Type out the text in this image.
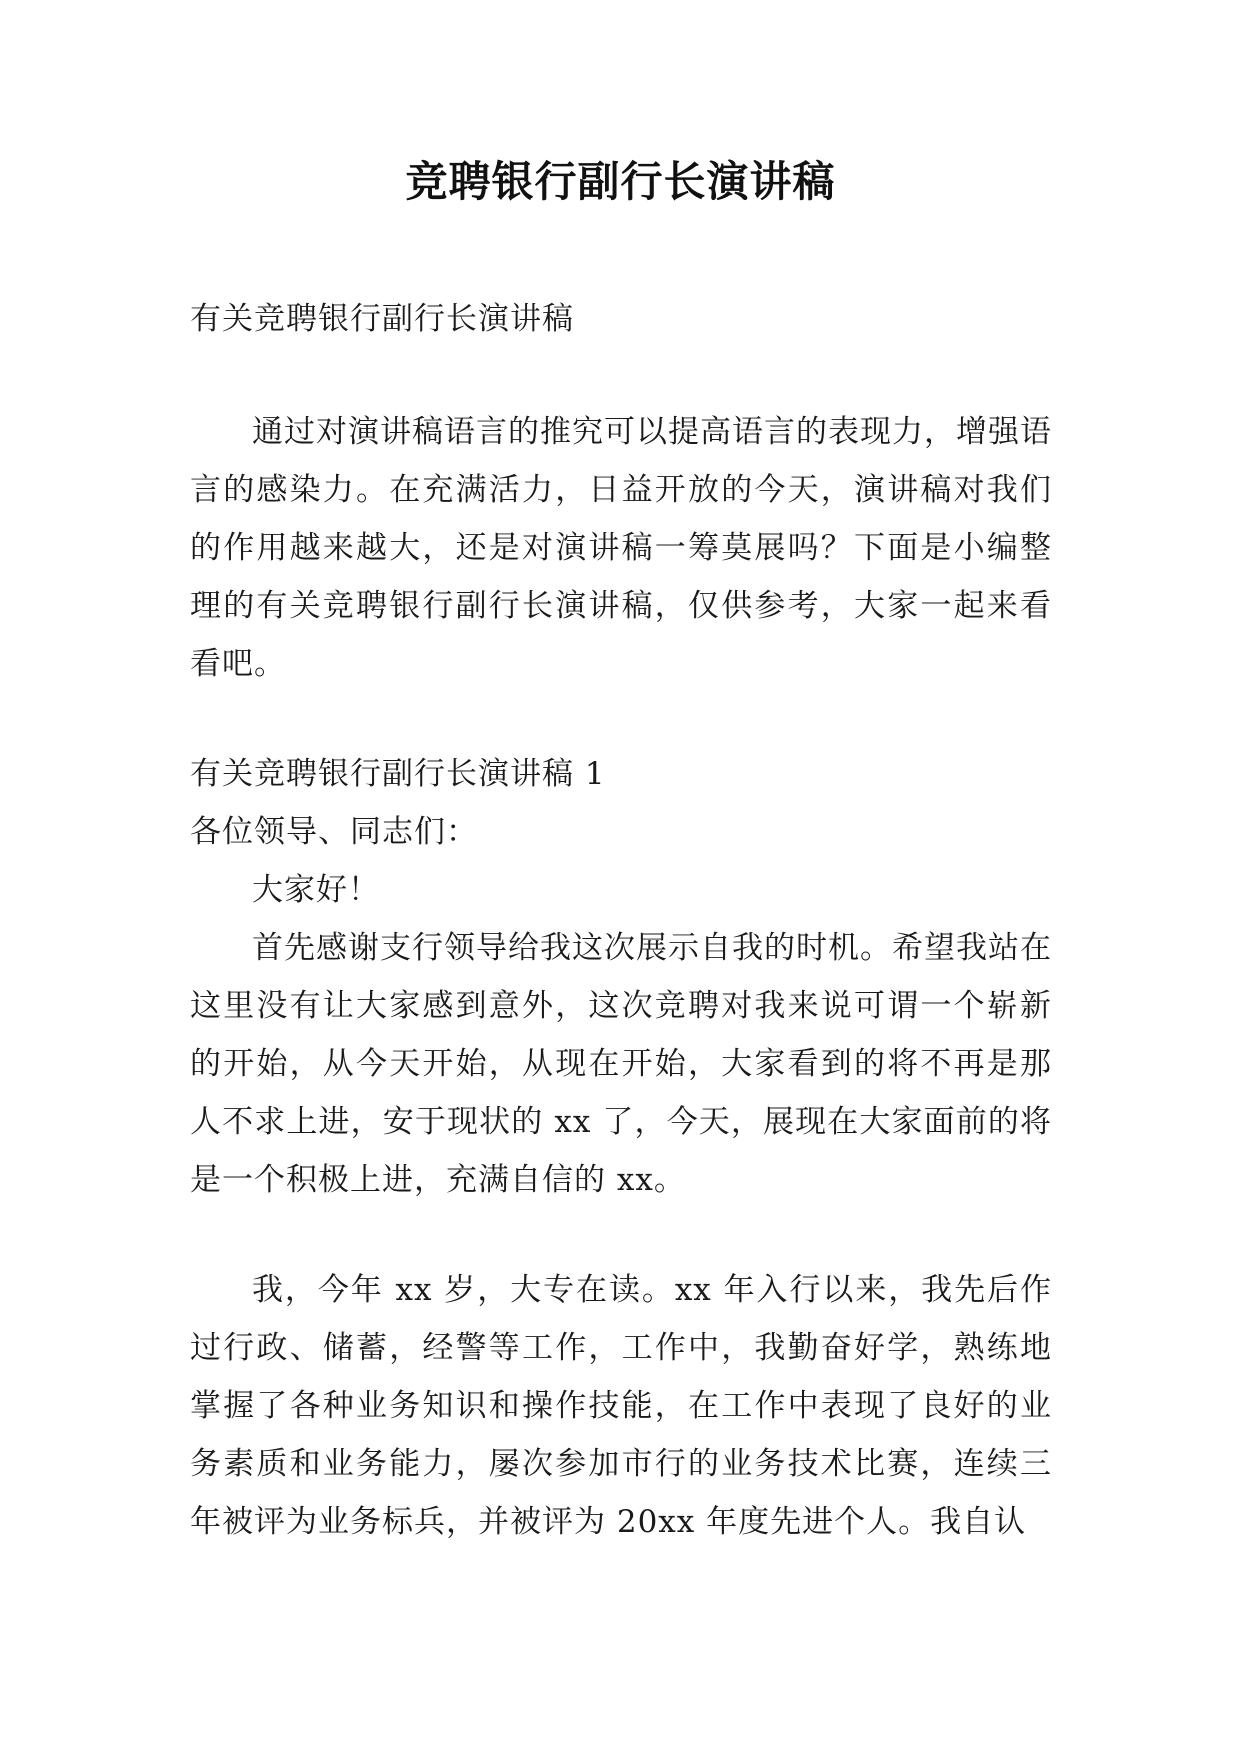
竞聘银行副行长演讲稿

有关竞聘银行副行长演讲稿

通过对演讲稿语言的推究可以提高语言的表现力，增强语言的感染力。在充满活力，日益开放的今天，演讲稿对我们的作用越来越大，还是对演讲稿一筹莫展吗？下面是小编整理的有关竞聘银行副行长演讲稿，仅供参考，大家一起来看看吧。

有关竞聘银行副行长演讲稿 1

各位领导、同志们：

大家好！

首先感谢支行领导给我这次展示自我的时机。希望我站在这里没有让大家感到意外，这次竞聘对我来说可谓一个崭新的开始，从今天开始，从现在开始，大家看到的将不再是那人不求上进，安于现状的 xx 了，今天，展现在大家面前的将是一个积极上进，充满自信的 xx。

我，今年 xx 岁，大专在读。xx 年入行以来，我先后作过行政、储蓄，经警等工作，工作中，我勤奋好学，熟练地掌握了各种业务知识和操作技能，在工作中表现了良好的业务素质和业务能力，屡次参加市行的业务技术比赛，连续三年被评为业务标兵，并被评为 20xx 年度先进个人。我自认
